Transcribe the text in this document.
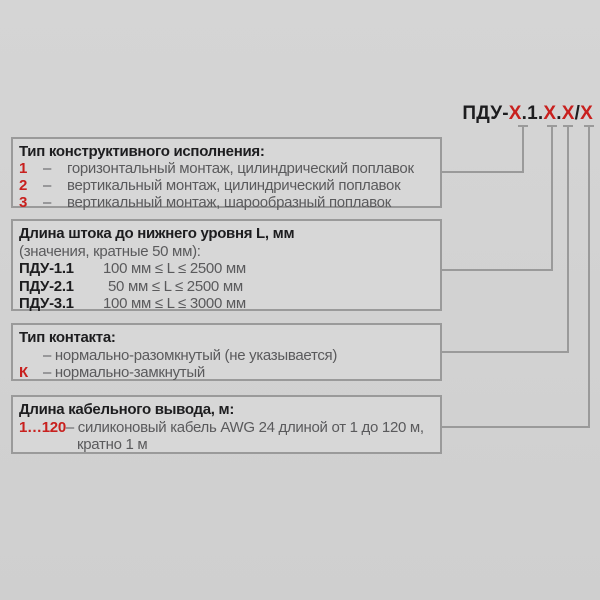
ПДУ-X.1.X.X/X
Тип конструктивного исполнения:
1	–	горизонтальный монтаж, цилиндрический поплавок
2	–	вертикальный монтаж, цилиндрический поплавок
3	–	вертикальный монтаж, шарообразный поплавок
Длина штока до нижнего уровня L, мм
(значения, кратные 50 мм):
ПДУ-1.1	100 мм ≤ L ≤ 2500 мм
ПДУ-2.1	50 мм ≤ L ≤ 2500 мм
ПДУ-3.1	100 мм ≤ L ≤ 3000 мм
Тип контакта:
– нормально-разомкнутый (не указывается)
К	– нормально-замкнутый
Длина кабельного вывода, м:
1…120 – силиконовый кабель AWG 24 длиной от 1 до 120 м,
кратно 1 м
